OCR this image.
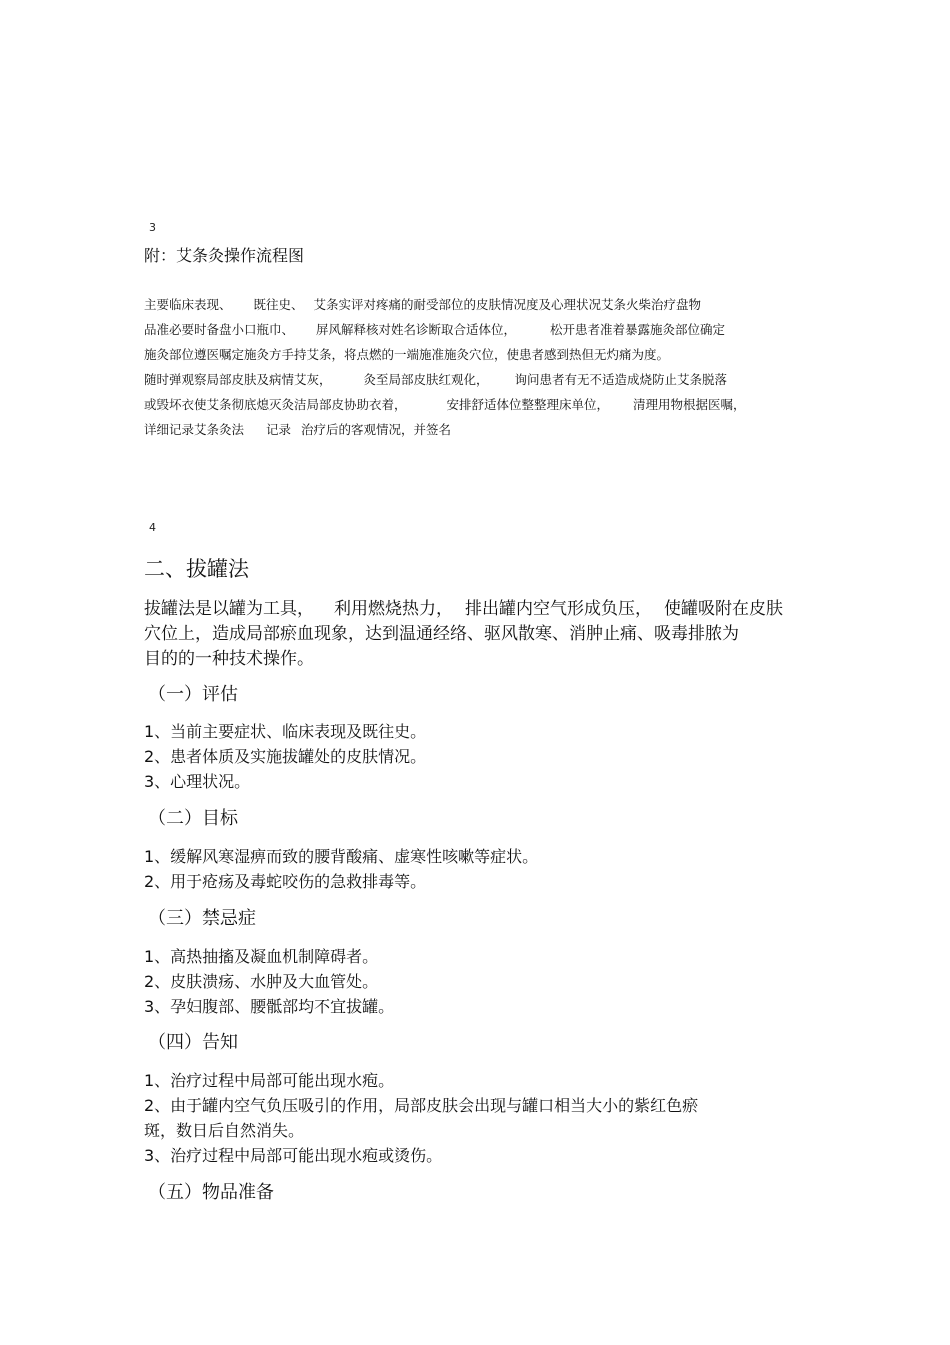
3
附：艾条灸操作流程图
主要临床表现、 既往史、 艾条实评对疼痛的耐受部位的皮肤情况度及心理状况艾条火柴治疗盘物
品准必要时备盘小口瓶巾、 屏风解释核对姓名诊断取合适体位，	松开患者准着暴露施灸部位确定
施灸部位遵医嘱定施灸方手持艾条，将点燃的一端施准施灸穴位，使患者感到热但无灼痛为度。
随时弹观察局部皮肤及病情艾灰，	灸至局部皮肤红观化， 询问患者有无不适造成烧防止艾条脱落
或毁坏衣使艾条彻底熄灭灸洁局部皮协助衣着，	安排舒适体位整整理床单位， 清理用物根据医嘱，
详细记录艾条灸法 记录 治疗后的客观情况，并签名
4
二、拔罐法
拔罐法是以罐为工具， 利用燃烧热力， 排出罐内空气形成负压， 使罐吸附在皮肤
穴位上，造成局部瘀血现象，达到温通经络、驱风散寒、消肿止痛、吸毒排脓为
目的的一种技术操作。
（一）评估
1、当前主要症状、临床表现及既往史。
2、患者体质及实施拔罐处的皮肤情况。
3、心理状况。
（二）目标
1、缓解风寒湿痹而致的腰背酸痛、虚寒性咳嗽等症状。
2、用于疮疡及毒蛇咬伤的急救排毒等。
（三）禁忌症
1、高热抽搐及凝血机制障碍者。
2、皮肤溃疡、水肿及大血管处。
3、孕妇腹部、腰骶部均不宜拔罐。
（四）告知
1、治疗过程中局部可能出现水疱。
2、由于罐内空气负压吸引的作用，局部皮肤会出现与罐口相当大小的紫红色瘀
斑，数日后自然消失。
3、治疗过程中局部可能出现水疱或烫伤。
（五）物品准备
